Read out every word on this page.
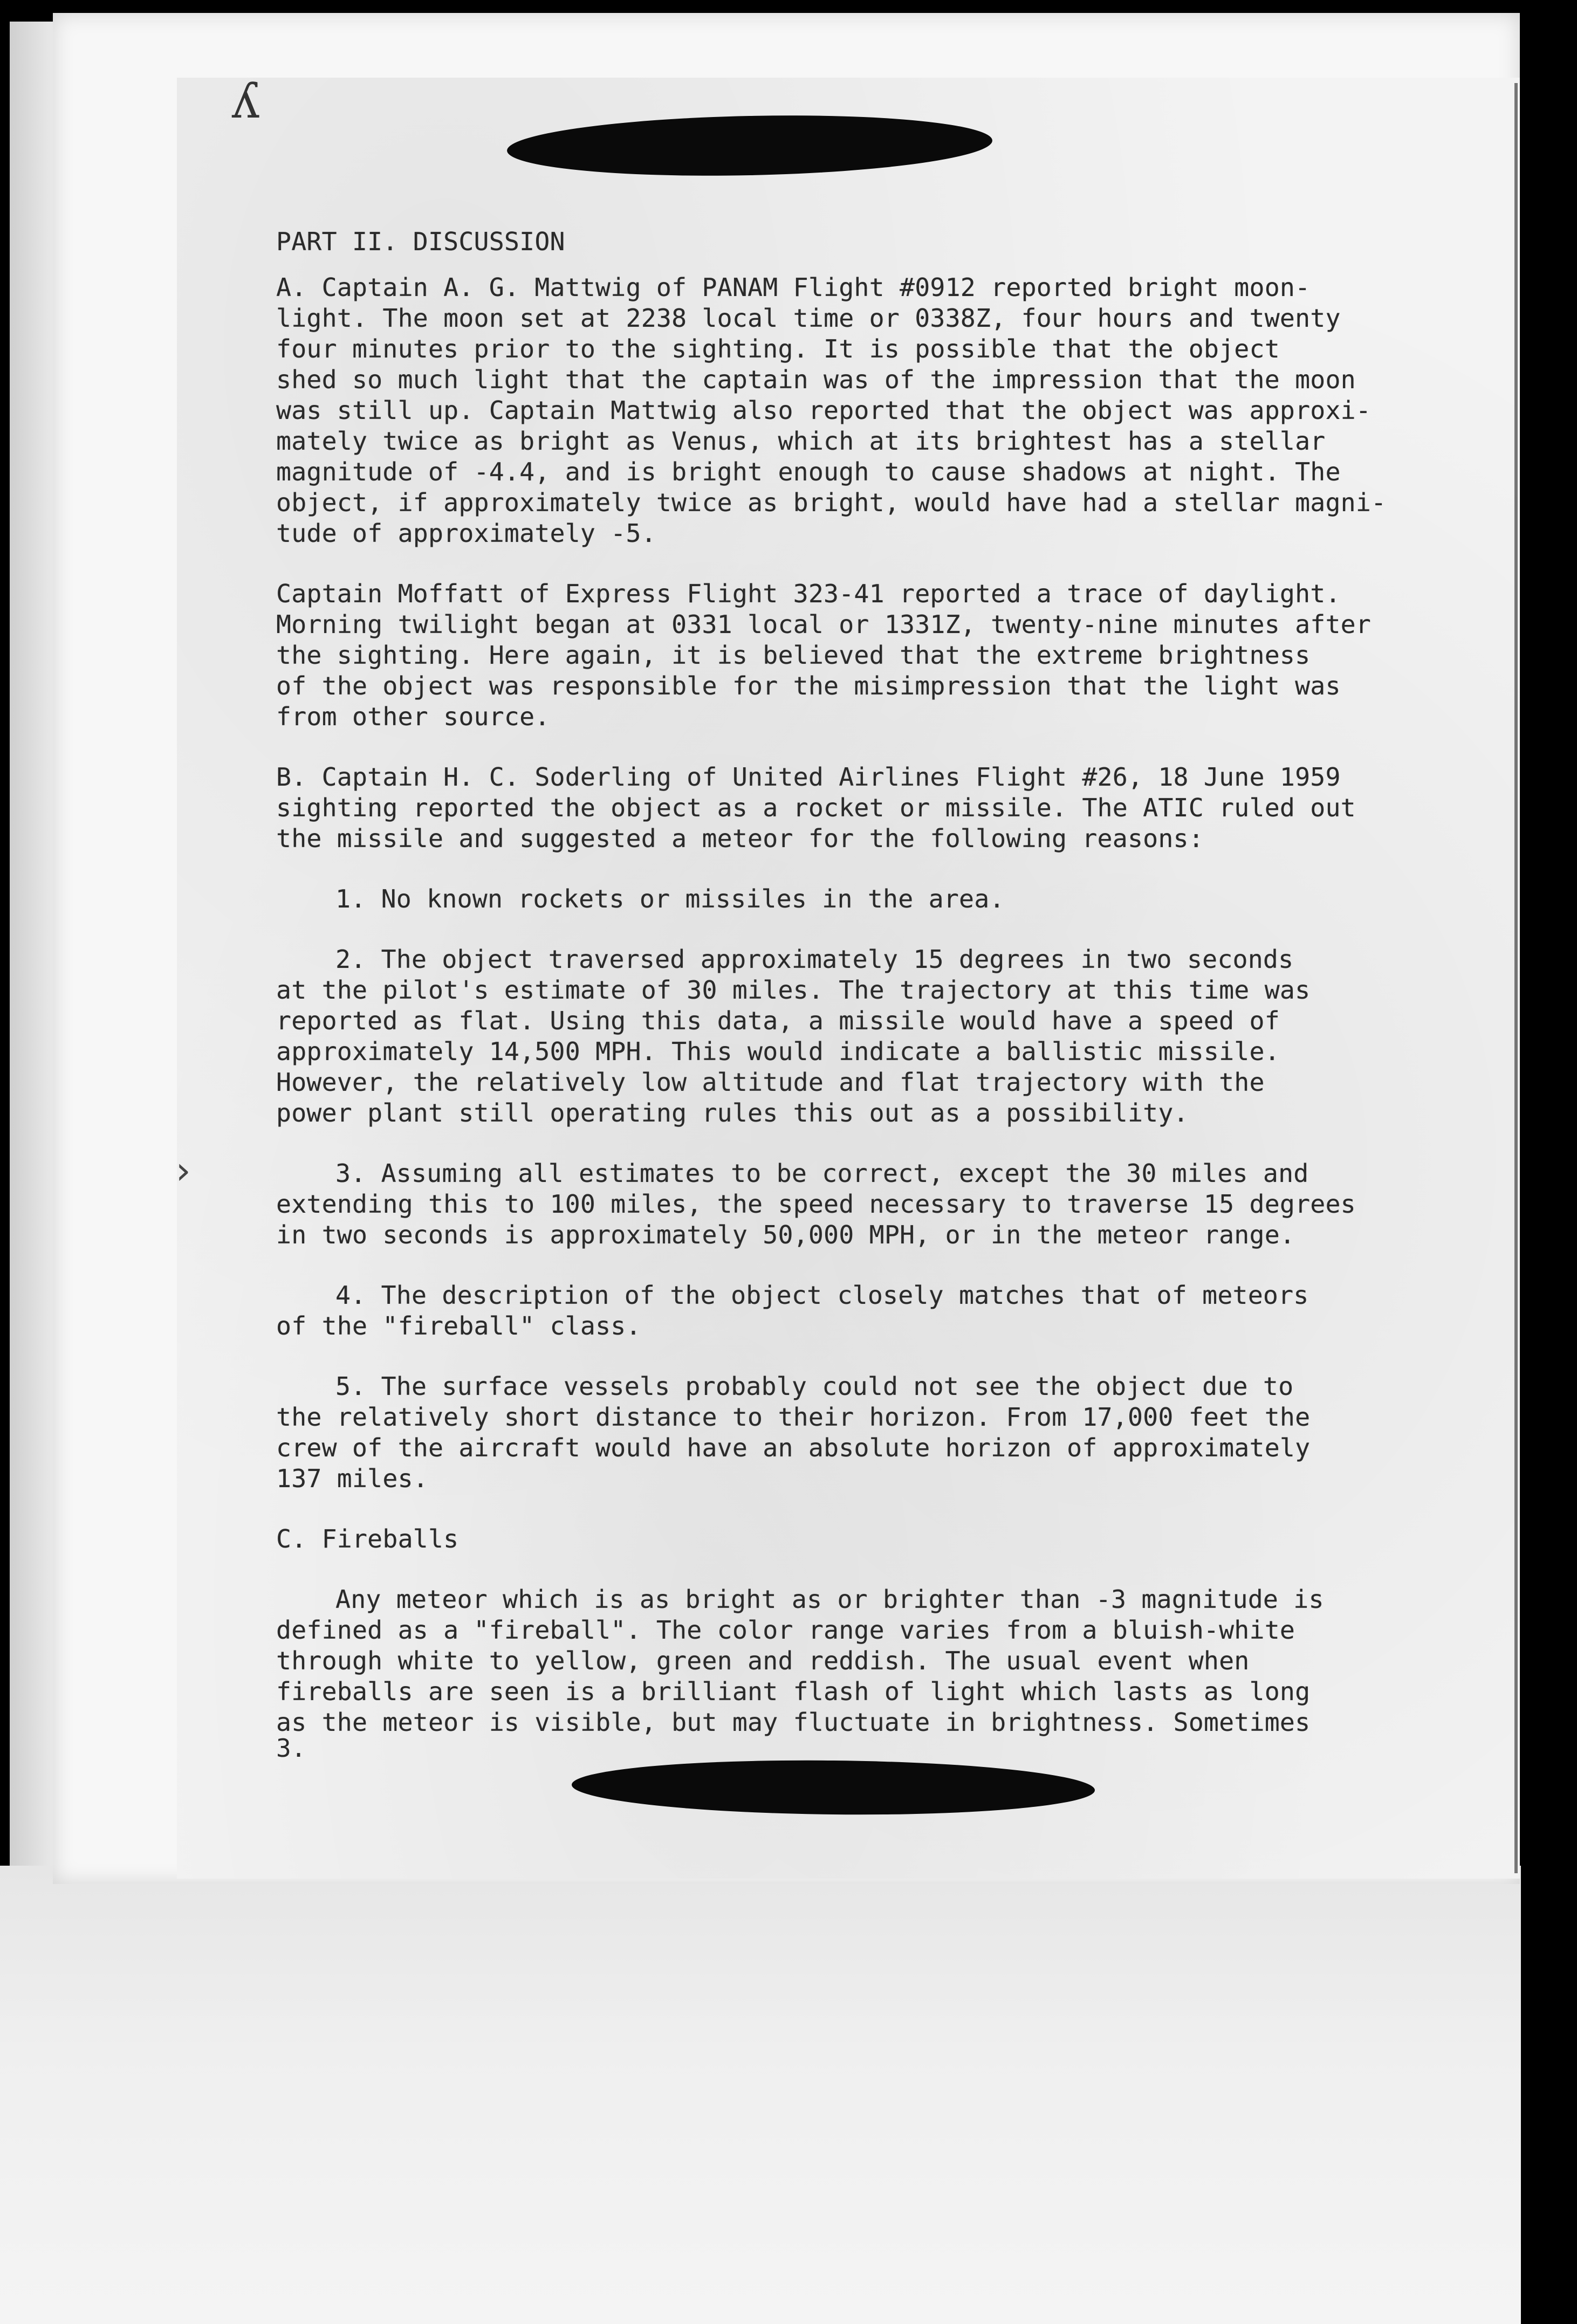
ʎ
›

PART II. DISCUSSION

A. Captain A. G. Mattwig of PANAM Flight #0912 reported bright moon-

light. The moon set at 2238 local time or 0338Z, four hours and twenty

four minutes prior to the sighting. It is possible that the object

shed so much light that the captain was of the impression that the moon

was still up. Captain Mattwig also reported that the object was approxi-

mately twice as bright as Venus, which at its brightest has a stellar

magnitude of -4.4, and is bright enough to cause shadows at night. The

object, if approximately twice as bright, would have had a stellar magni-

tude of approximately -5.

Captain Moffatt of Express Flight 323-41 reported a trace of daylight.

Morning twilight began at 0331 local or 1331Z, twenty-nine minutes after

the sighting. Here again, it is believed that the extreme brightness

of the object was responsible for the misimpression that the light was

from other source.

B. Captain H. C. Soderling of United Airlines Flight #26, 18 June 1959

sighting reported the object as a rocket or missile. The ATIC ruled out

the missile and suggested a meteor for the following reasons:

1. No known rockets or missiles in the area.

2. The object traversed approximately 15 degrees in two seconds

at the pilot's estimate of 30 miles. The trajectory at this time was

reported as flat. Using this data, a missile would have a speed of

approximately 14,500 MPH. This would indicate a ballistic missile.

However, the relatively low altitude and flat trajectory with the

power plant still operating rules this out as a possibility.

3. Assuming all estimates to be correct, except the 30 miles and

extending this to 100 miles, the speed necessary to traverse 15 degrees

in two seconds is approximately 50,000 MPH, or in the meteor range.

4. The description of the object closely matches that of meteors

of the "fireball" class.

5. The surface vessels probably could not see the object due to

the relatively short distance to their horizon. From 17,000 feet the

crew of the aircraft would have an absolute horizon of approximately

137 miles.

C. Fireballs

Any meteor which is as bright as or brighter than -3 magnitude is

defined as a "fireball". The color range varies from a bluish-white

through white to yellow, green and reddish. The usual event when

fireballs are seen is a brilliant flash of light which lasts as long

as the meteor is visible, but may fluctuate in brightness. Sometimes

3.
